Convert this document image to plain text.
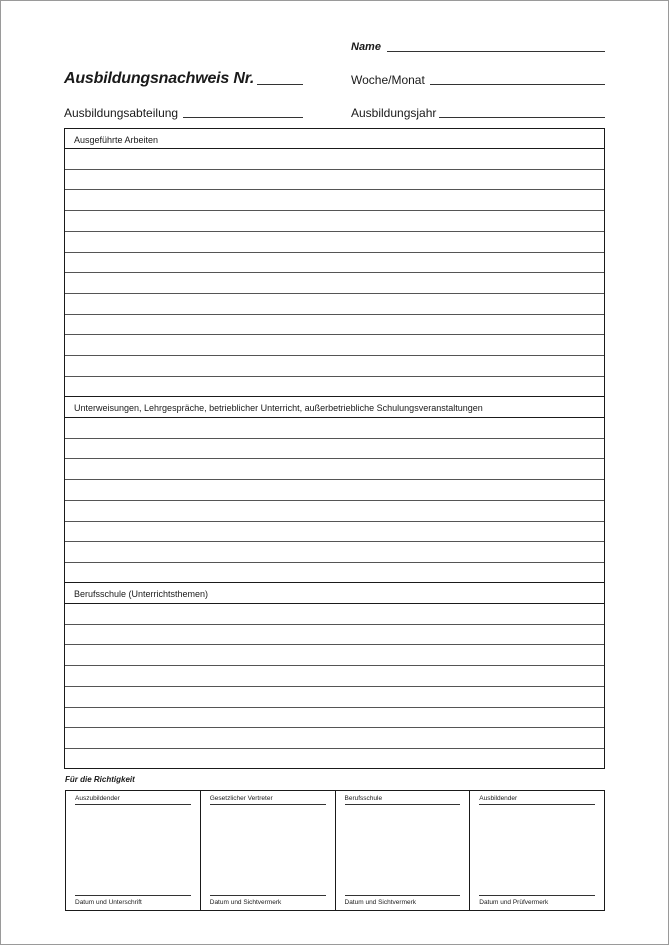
Name
Ausbildungsnachweis Nr.	Woche/Monat
Ausbildungsabteilung	Ausbildungsjahr
Ausgeführte Arbeiten
Unterweisungen, Lehrgespräche, betrieblicher Unterricht, außerbetriebliche Schulungsveranstaltungen
Berufsschule (Unterrichtsthemen)
Für die Richtigkeit
Auszubildender
Datum und Unterschrift
Gesetzlicher Vertreter
Datum und Sichtvermerk
Berufsschule
Datum und Sichtvermerk
Ausbildender
Datum und Prüfvermerk
